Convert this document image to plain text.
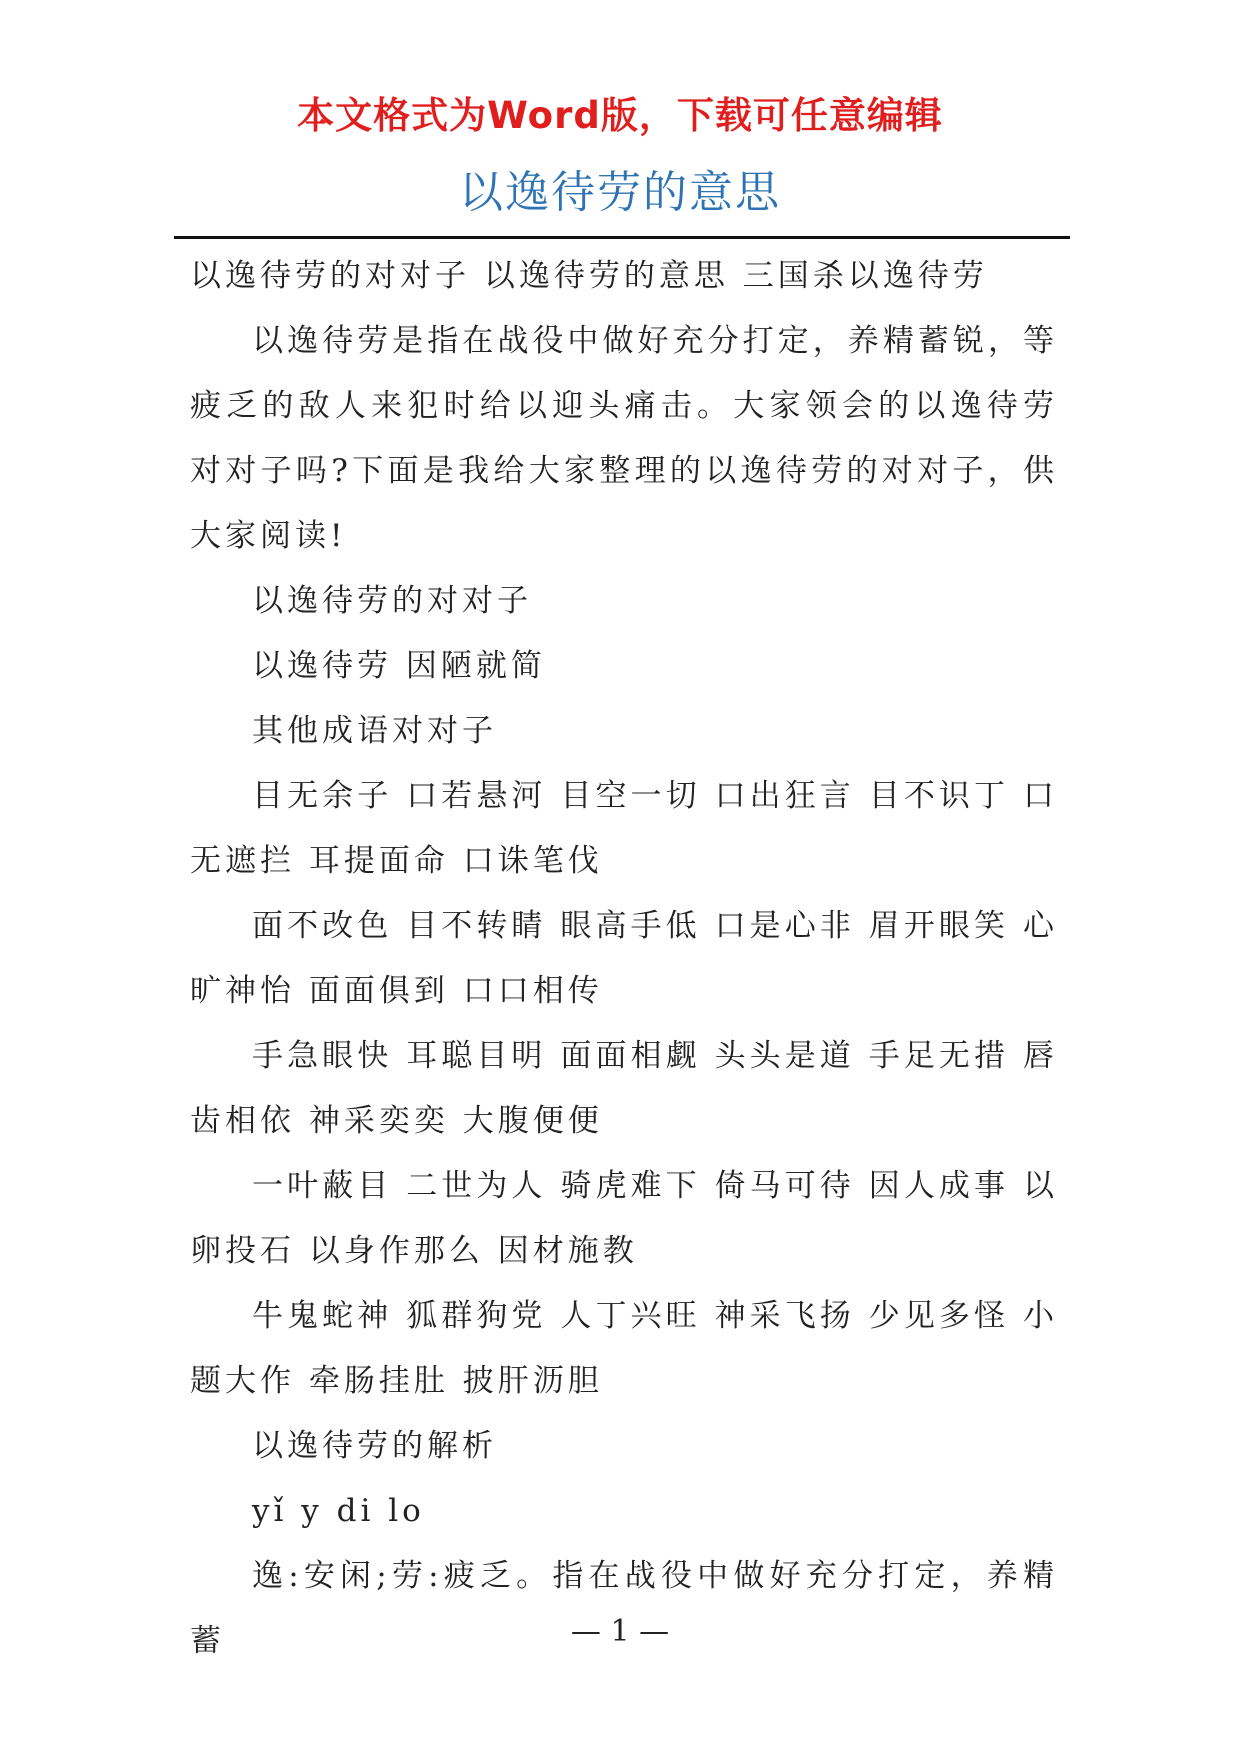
本文格式为Word版，下载可任意编辑
以逸待劳的意思

以逸待劳的对对子 以逸待劳的意思 三国杀以逸待劳

以逸待劳是指在战役中做好充分打定，养精蓄锐，等疲乏的敌人来犯时给以迎头痛击。大家领会的以逸待劳对对子吗?下面是我给大家整理的以逸待劳的对对子，供大家阅读!

以逸待劳的对对子

以逸待劳 因陋就简

其他成语对对子

目无余子 口若悬河 目空一切 口出狂言 目不识丁 口无遮拦 耳提面命 口诛笔伐

面不改色 目不转睛 眼高手低 口是心非 眉开眼笑 心旷神怡 面面俱到 口口相传

手急眼快 耳聪目明 面面相觑 头头是道 手足无措 唇齿相依 神采奕奕 大腹便便

一叶蔽目 二世为人 骑虎难下 倚马可待 因人成事 以卵投石 以身作那么 因材施教

牛鬼蛇神 狐群狗党 人丁兴旺 神采飞扬 少见多怪 小题大作 牵肠挂肚 披肝沥胆

以逸待劳的解析

yǐ y di lo

逸:安闲;劳:疲乏。指在战役中做好充分打定，养精蓄	— 1 —
